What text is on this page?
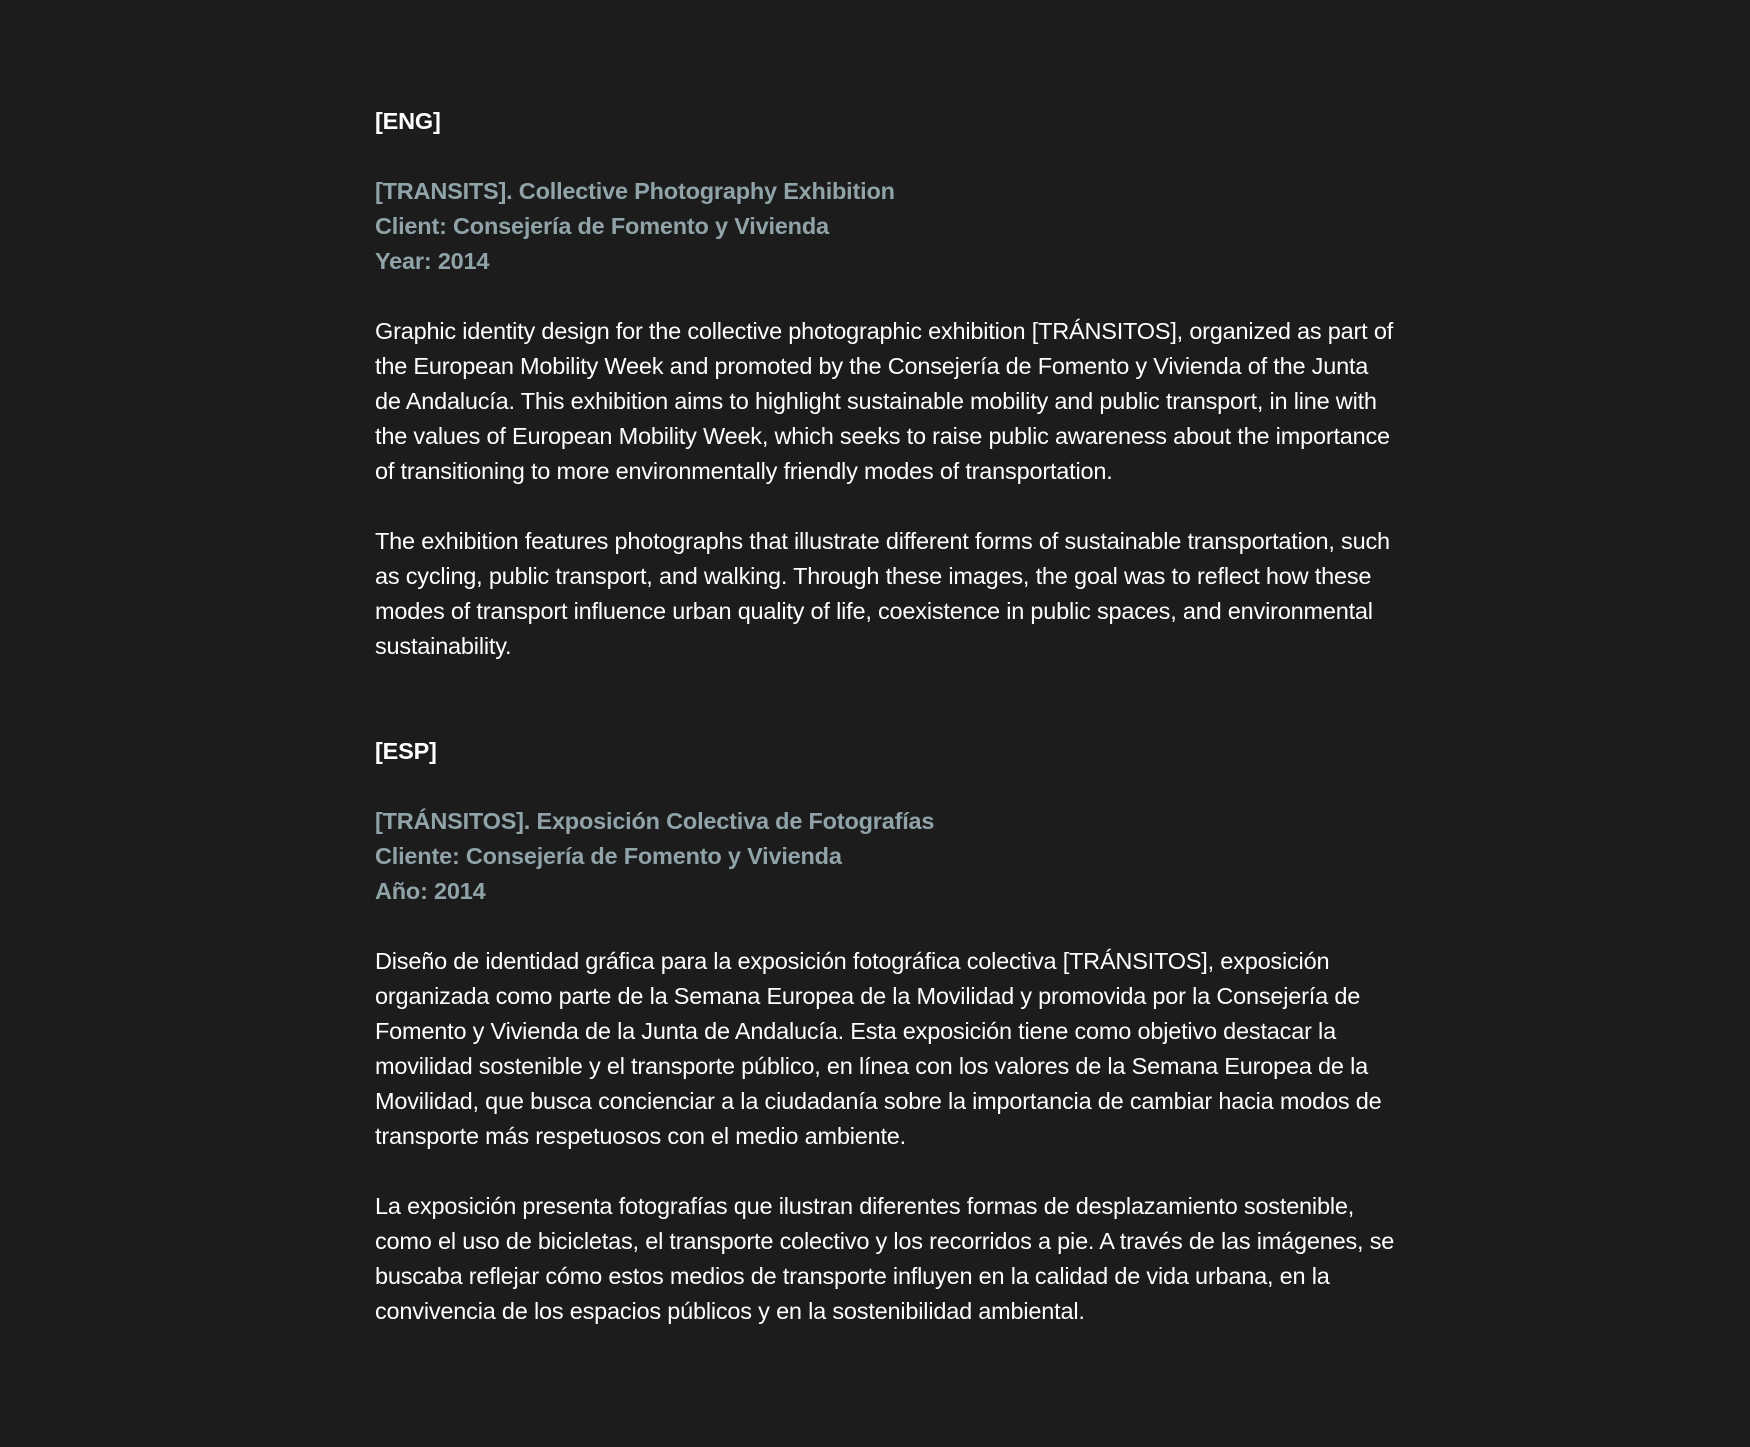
[ENG]
[TRANSITS]. Collective Photography Exhibition
Client: Consejería de Fomento y Vivienda
Year: 2014

Graphic identity design for the collective photographic exhibition [TRÁNSITOS], organized as part of the European Mobility Week and promoted by the Consejería de Fomento y Vivienda of the Junta de Andalucía. This exhibition aims to highlight sustainable mobility and public transport, in line with the values of European Mobility Week, which seeks to raise public awareness about the importance of transitioning to more environmentally friendly modes of transportation.

The exhibition features photographs that illustrate different forms of sustainable transportation, such as cycling, public transport, and walking. Through these images, the goal was to reflect how these modes of transport influence urban quality of life, coexistence in public spaces, and environmental sustainability.

[ESP]
[TRÁNSITOS]. Exposición Colectiva de Fotografías
Cliente: Consejería de Fomento y Vivienda
Año: 2014

Diseño de identidad gráfica para la exposición fotográfica colectiva [TRÁNSITOS], exposición organizada como parte de la Semana Europea de la Movilidad y promovida por la Consejería de Fomento y Vivienda de la Junta de Andalucía. Esta exposición tiene como objetivo destacar la movilidad sostenible y el transporte público, en línea con los valores de la Semana Europea de la Movilidad, que busca concienciar a la ciudadanía sobre la importancia de cambiar hacia modos de transporte más respetuosos con el medio ambiente.

La exposición presenta fotografías que ilustran diferentes formas de desplazamiento sostenible, como el uso de bicicletas, el transporte colectivo y los recorridos a pie. A través de las imágenes, se buscaba reflejar cómo estos medios de transporte influyen en la calidad de vida urbana, en la convivencia de los espacios públicos y en la sostenibilidad ambiental.
